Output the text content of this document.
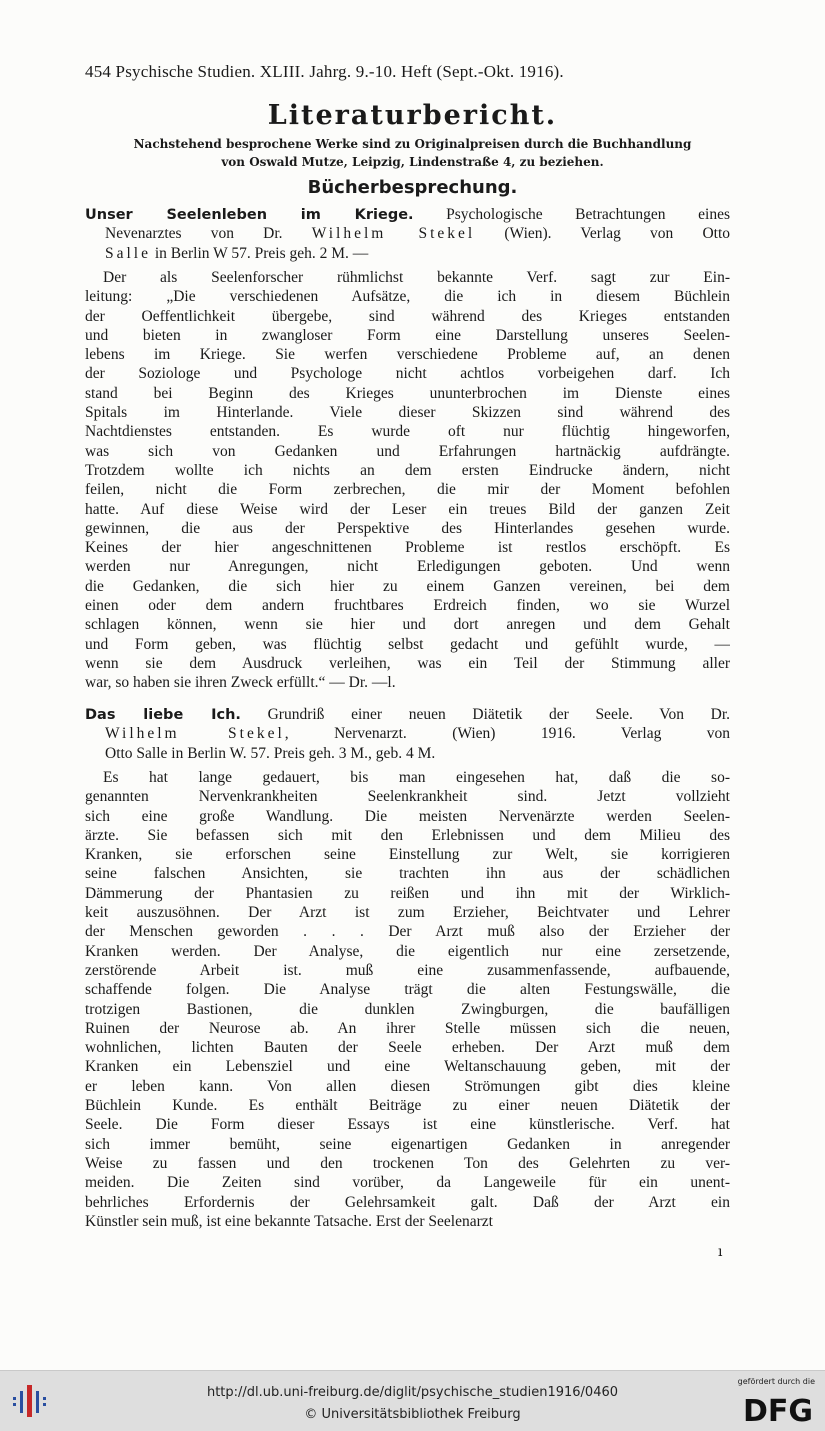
454 Psychische Studien. XLIII. Jahrg. 9.-10. Heft (Sept.-Okt. 1916).
Literaturbericht.
Nachstehend besprochene Werke sind zu Originalpreisen durch die Buchhandlung
von Oswald Mutze, Leipzig, Lindenstraße 4, zu beziehen.
Bücherbesprechung.
Unser Seelenleben im Kriege. Psychologische Betrachtungen eines
Nevenarztes von Dr. Wilhelm Stekel (Wien). Verlag von Otto
Salle in Berlin W 57. Preis geh. 2 M. —
Der als Seelenforscher rühmlichst bekannte Verf. sagt zur Ein-
leitung: „Die verschiedenen Aufsätze, die ich in diesem Büchlein
der Oeffentlichkeit übergebe, sind während des Krieges entstanden
und bieten in zwangloser Form eine Darstellung unseres Seelen-
lebens im Kriege. Sie werfen verschiedene Probleme auf, an denen
der Soziologe und Psychologe nicht achtlos vorbeigehen darf. Ich
stand bei Beginn des Krieges ununterbrochen im Dienste eines
Spitals im Hinterlande. Viele dieser Skizzen sind während des
Nachtdienstes entstanden. Es wurde oft nur flüchtig hingeworfen,
was sich von Gedanken und Erfahrungen hartnäckig aufdrängte.
Trotzdem wollte ich nichts an dem ersten Eindrucke ändern, nicht
feilen, nicht die Form zerbrechen, die mir der Moment befohlen
hatte. Auf diese Weise wird der Leser ein treues Bild der ganzen Zeit
gewinnen, die aus der Perspektive des Hinterlandes gesehen wurde.
Keines der hier angeschnittenen Probleme ist restlos erschöpft. Es
werden nur Anregungen, nicht Erledigungen geboten. Und wenn
die Gedanken, die sich hier zu einem Ganzen vereinen, bei dem
einen oder dem andern fruchtbares Erdreich finden, wo sie Wurzel
schlagen können, wenn sie hier und dort anregen und dem Gehalt
und Form geben, was flüchtig selbst gedacht und gefühlt wurde, —
wenn sie dem Ausdruck verleihen, was ein Teil der Stimmung aller
war, so haben sie ihren Zweck erfüllt.“ — Dr. —l.
Das liebe Ich. Grundriß einer neuen Diätetik der Seele. Von Dr.
Wilhelm Stekel, Nervenarzt. (Wien) 1916. Verlag von
Otto Salle in Berlin W. 57. Preis geh. 3 M., geb. 4 M.
Es hat lange gedauert, bis man eingesehen hat, daß die so-
genannten Nervenkrankheiten Seelenkrankheit sind. Jetzt vollzieht
sich eine große Wandlung. Die meisten Nervenärzte werden Seelen-
ärzte. Sie befassen sich mit den Erlebnissen und dem Milieu des
Kranken, sie erforschen seine Einstellung zur Welt, sie korrigieren
seine falschen Ansichten, sie trachten ihn aus der schädlichen
Dämmerung der Phantasien zu reißen und ihn mit der Wirklich-
keit auszusöhnen. Der Arzt ist zum Erzieher, Beichtvater und Lehrer
der Menschen geworden . . . Der Arzt muß also der Erzieher der
Kranken werden. Der Analyse, die eigentlich nur eine zersetzende,
zerstörende Arbeit ist. muß eine zusammenfassende, aufbauende,
schaffende folgen. Die Analyse trägt die alten Festungswälle, die
trotzigen Bastionen, die dunklen Zwingburgen, die baufälligen
Ruinen der Neurose ab. An ihrer Stelle müssen sich die neuen,
wohnlichen, lichten Bauten der Seele erheben. Der Arzt muß dem
Kranken ein Lebensziel und eine Weltanschauung geben, mit der
er leben kann. Von allen diesen Strömungen gibt dies kleine
Büchlein Kunde. Es enthält Beiträge zu einer neuen Diätetik der
Seele. Die Form dieser Essays ist eine künstlerische. Verf. hat
sich immer bemüht, seine eigenartigen Gedanken in anregender
Weise zu fassen und den trockenen Ton des Gelehrten zu ver-
meiden. Die Zeiten sind vorüber, da Langeweile für ein unent-
behrliches Erfordernis der Gelehrsamkeit galt. Daß der Arzt ein
Künstler sein muß, ist eine bekannte Tatsache. Erst der Seelenarzt
ı
http://dl.ub.uni-freiburg.de/diglit/psychische_studien1916/0460
© Universitätsbibliothek Freiburg
gefördert durch die
DFG
